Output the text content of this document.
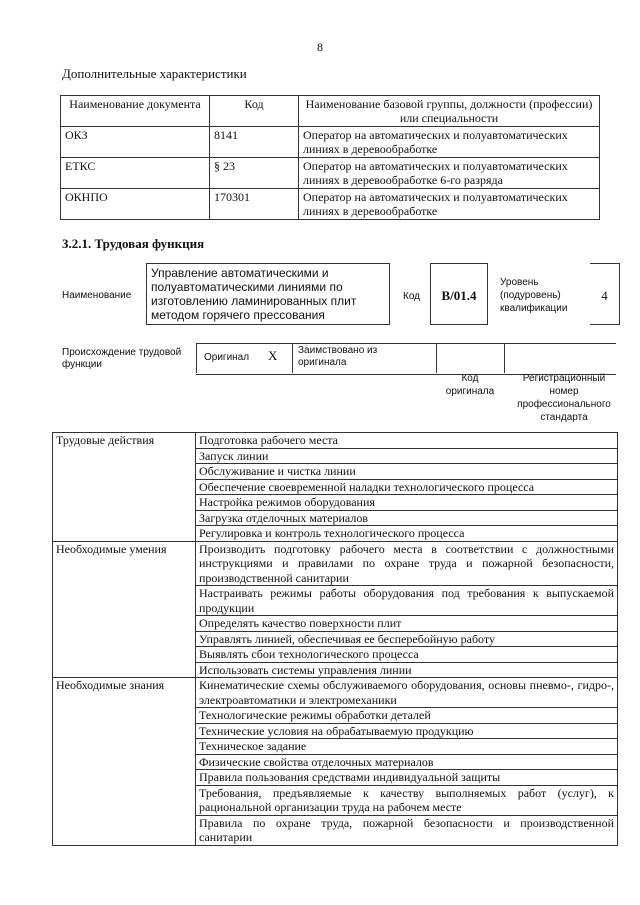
8
Дополнительные характеристики
Наименование документа	Код	Наименование базовой группы, должности (профессии) или специальности
ОКЗ	8141	Оператор на автоматических и полуавтоматических линиях в деревообработке
ЕТКС	§ 23	Оператор на автоматических и полуавтоматических линиях в деревообработке 6-го разряда
ОКНПО	170301	Оператор на автоматических и полуавтоматических линиях в деревообработке
3.2.1. Трудовая функция
Наименование
Управление автоматическими и полуавтоматическими линиями по изготовлению ламинированных плит методом горячего прессования
Код	B/01.4
Уровень (подуровень) квалификации
4
Происхождение трудовой функции
Оригинал X Заимствовано из оригинала
Код оригинала
Регистрационный номер профессионального стандарта
Трудовые действия	Подготовка рабочего места
	Запуск линии
	Обслуживание и чистка линии
	Обеспечение своевременной наладки технологического процесса
	Настройка режимов оборудования
	Загрузка отделочных материалов
	Регулировка и контроль технологического процесса
Необходимые умения	Производить подготовку рабочего места в соответствии с должностными инструкциями и правилами по охране труда и пожарной безопасности, производственной санитарии
	Настраивать режимы работы оборудования под требования к выпускаемой продукции
	Определять качество поверхности плит
	Управлять линией, обеспечивая ее бесперебойную работу
	Выявлять сбои технологического процесса
	Использовать системы управления линии
Необходимые знания	Кинематические схемы обслуживаемого оборудования, основы пневмо-, гидро-, электроавтоматики и электромеханики
	Технологические режимы обработки деталей
	Технические условия на обрабатываемую продукцию
	Техническое задание
	Физические свойства отделочных материалов
	Правила пользования средствами индивидуальной защиты
	Требования, предъявляемые к качеству выполняемых работ (услуг), к рациональной организации труда на рабочем месте
	Правила по охране труда, пожарной безопасности и производственной санитарии
